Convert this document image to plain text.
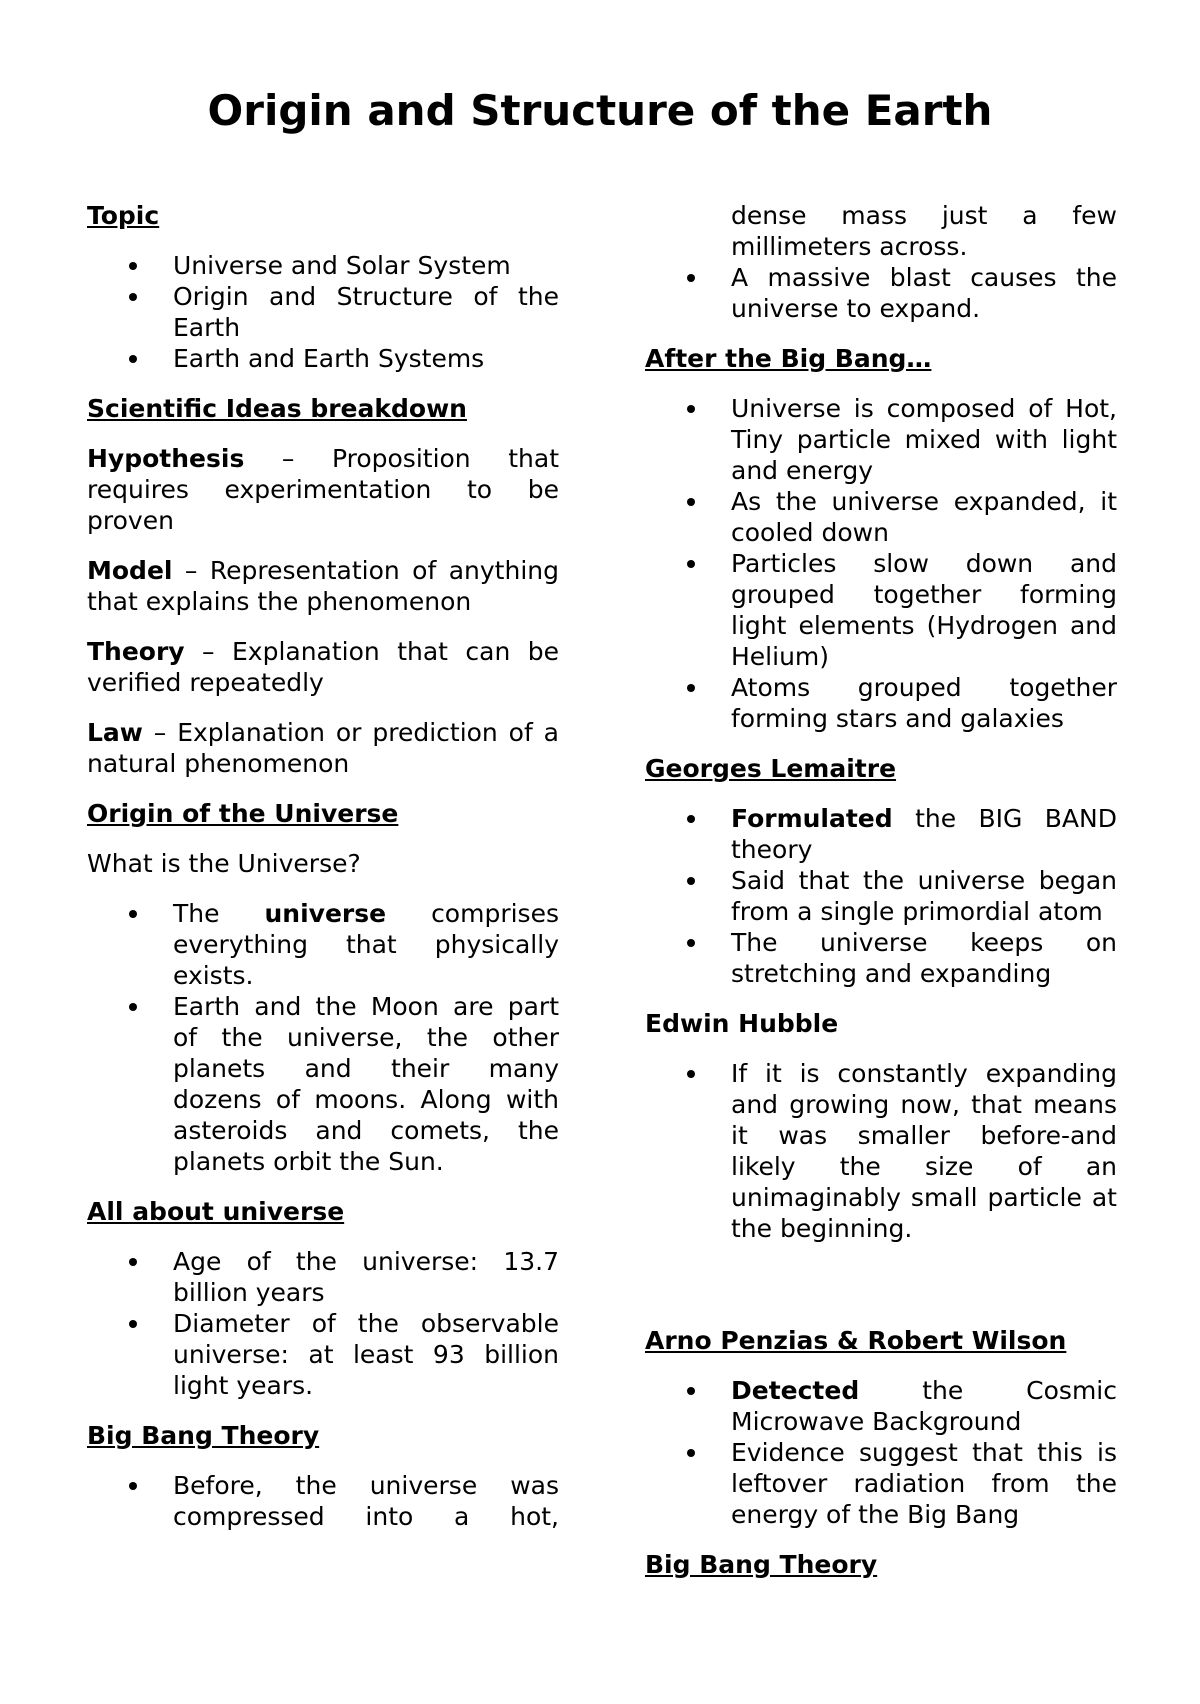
Origin and Structure of the Earth
Topic
Universe and Solar System
Origin and Structure of the Earth
Earth and Earth Systems
Scientific Ideas breakdown

Hypothesis – Proposition that requires experimentation to be proven

Model – Representation of anything that explains the phenomenon

Theory – Explanation that can be verified repeatedly

Law – Explanation or prediction of a natural phenomenon

Origin of the Universe

What is the Universe?

The universe comprises everything that physically exists.
Earth and the Moon are part of the universe, the other planets and their many dozens of moons. Along with asteroids and comets, the planets orbit the Sun.
All about universe
Age of the universe: 13.7 billion years
Diameter of the observable universe: at least 93 billion light years.
Big Bang Theory
Before, the universe was compressed into a hot,

dense mass just a few millimeters across.

A massive blast causes the universe to expand.
After the Big Bang…
Universe is composed of Hot, Tiny particle mixed with light and energy
As the universe expanded, it cooled down
Particles slow down and grouped together forming light elements (Hydrogen and Helium)
Atoms grouped together forming stars and galaxies
Georges Lemaitre
Formulated the BIG BAND theory
Said that the universe began from a single primordial atom
The universe keeps on stretching and expanding
Edwin Hubble
If it is constantly expanding and growing now, that means it was smaller before-and likely the size of an unimaginably small particle at the beginning.
Arno Penzias & Robert Wilson
Detected the Cosmic Microwave Background
Evidence suggest that this is leftover radiation from the energy of the Big Bang
Big Bang Theory
